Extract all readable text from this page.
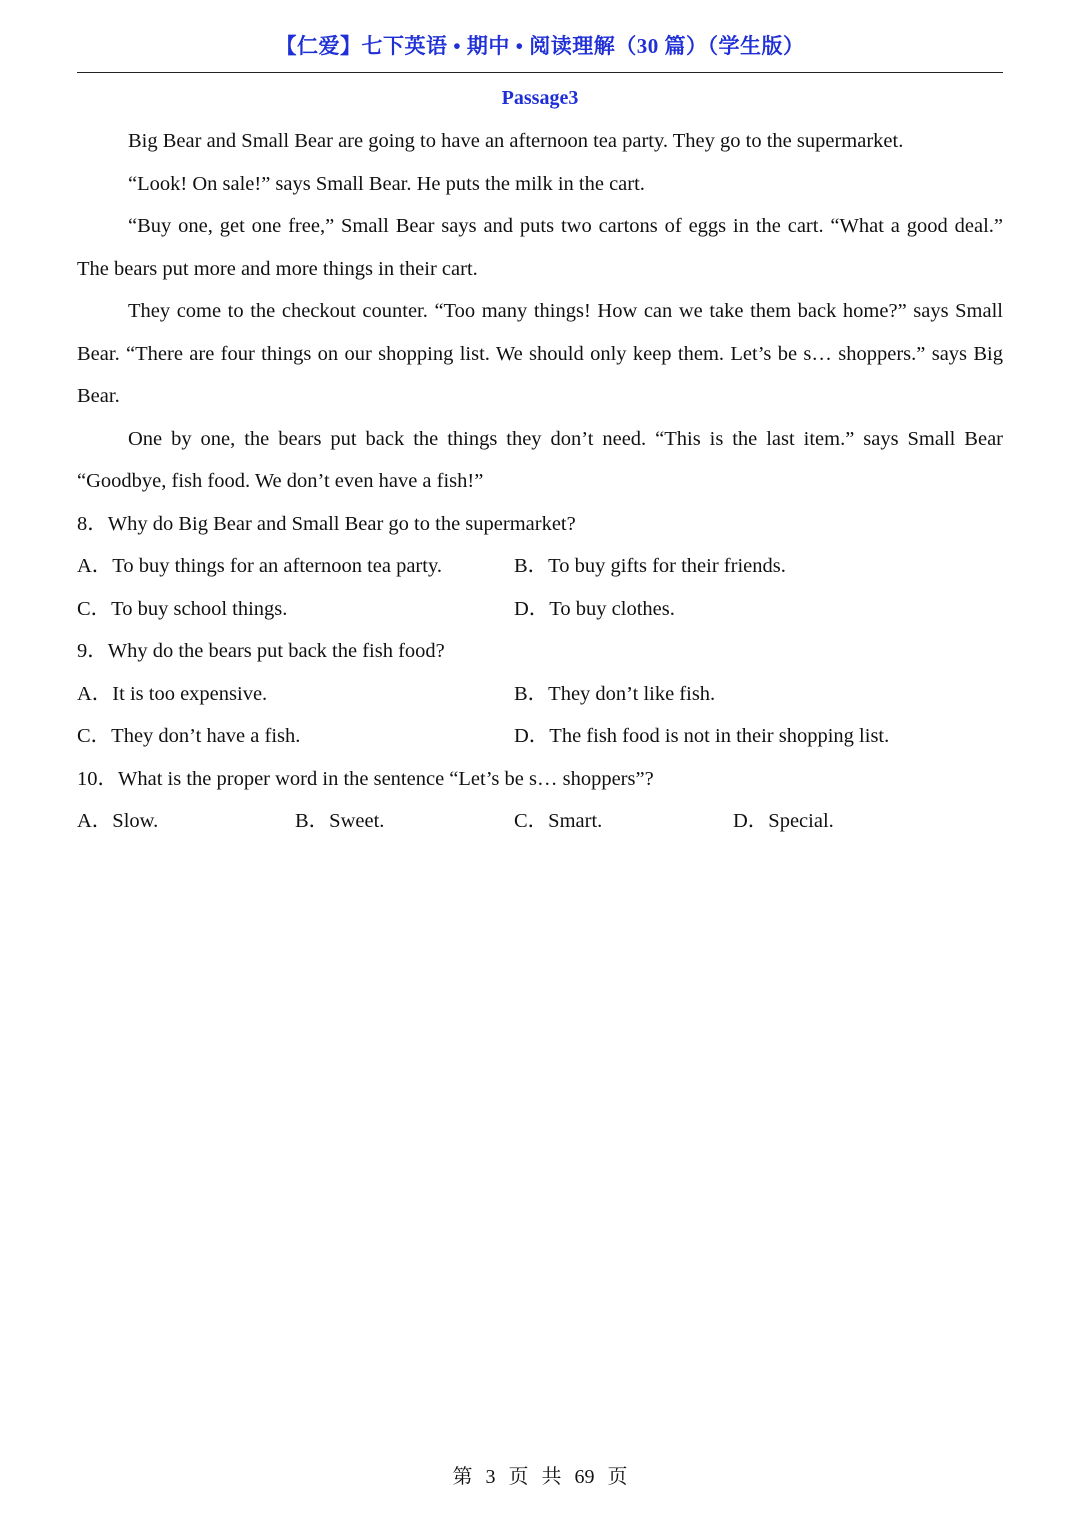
【仁爱】七下英语 • 期中 • 阅读理解（30 篇）（学生版）
Passage3

Big Bear and Small Bear are going to have an afternoon tea party. They go to the supermarket.

“Look! On sale!” says Small Bear. He puts the milk in the cart.

“Buy one, get one free,” Small Bear says and puts two cartons of eggs in the cart. “What a good deal.” The bears put more and more things in their cart.

They come to the checkout counter. “Too many things! How can we take them back home?” says Small Bear. “There are four things on our shopping list. We should only keep them. Let’s be s… shoppers.” says Big Bear.

One by one, the bears put back the things they don’t need. “This is the last item.” says Small Bear “Goodbye, fish food. We don’t even have a fish!”

8．Why do Big Bear and Small Bear go to the supermarket?

A．To buy things for an afternoon tea party.	B．To buy gifts for their friends.
C．To buy school things.	D．To buy clothes.

9．Why do the bears put back the fish food?

A．It is too expensive.	B．They don’t like fish.
C．They don’t have a fish.	D．The fish food is not in their shopping list.

10．What is the proper word in the sentence “Let’s be s… shoppers”?

A．Slow.	B．Sweet.	C．Smart.	D．Special.
第 3 页 共 69 页
